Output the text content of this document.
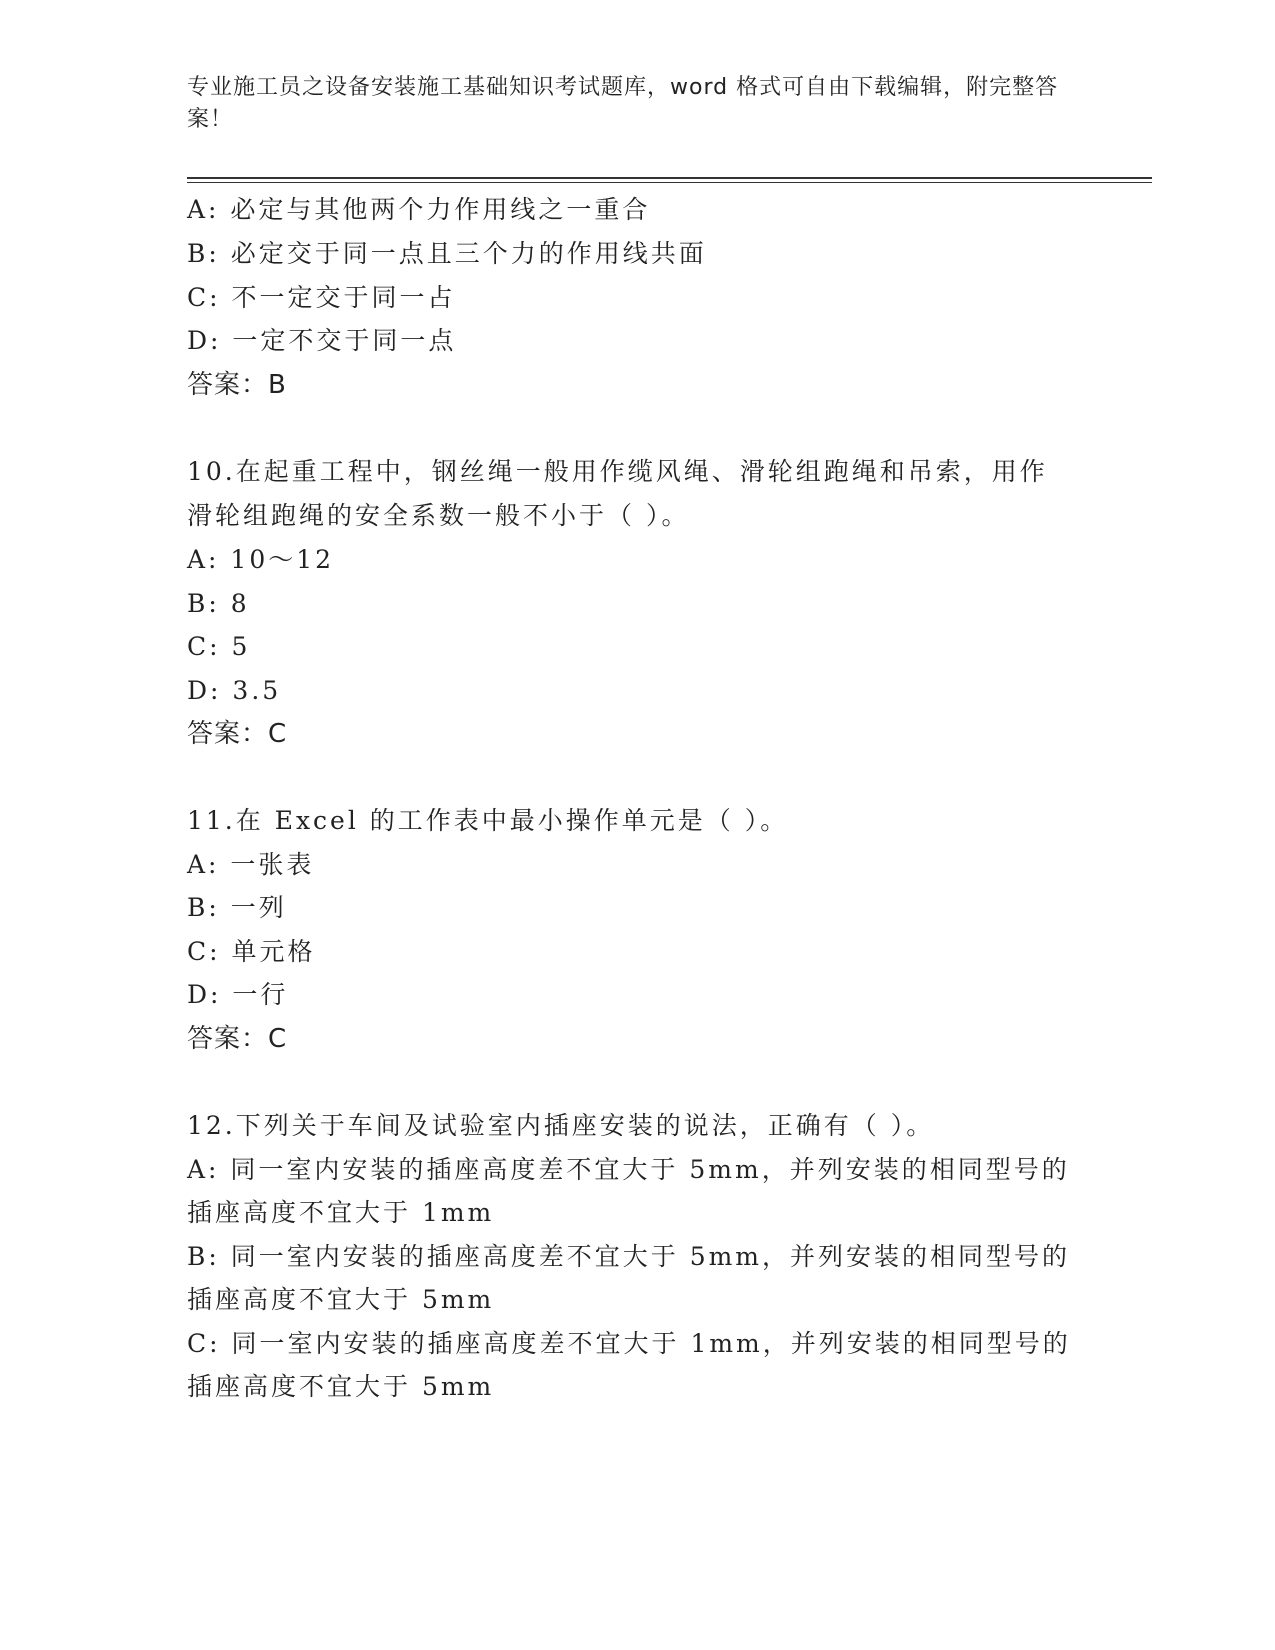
专业施工员之设备安装施工基础知识考试题库，word 格式可自由下载编辑，附完整答案！
A: 必定与其他两个力作用线之一重合
B: 必定交于同一点且三个力的作用线共面
C: 不一定交于同一占
D: 一定不交于同一点
答案：B
10.在起重工程中，钢丝绳一般用作缆风绳、滑轮组跑绳和吊索，用作
滑轮组跑绳的安全系数一般不小于（ ）。
A: 10～12
B: 8
C: 5
D: 3.5
答案：C
11.在 Excel 的工作表中最小操作单元是（ ）。
A: 一张表
B: 一列
C: 单元格
D: 一行
答案：C
12.下列关于车间及试验室内插座安装的说法，正确有（ ）。
A: 同一室内安装的插座高度差不宜大于 5mm，并列安装的相同型号的
插座高度不宜大于 1mm
B: 同一室内安装的插座高度差不宜大于 5mm，并列安装的相同型号的
插座高度不宜大于 5mm
C: 同一室内安装的插座高度差不宜大于 1mm，并列安装的相同型号的
插座高度不宜大于 5mm
